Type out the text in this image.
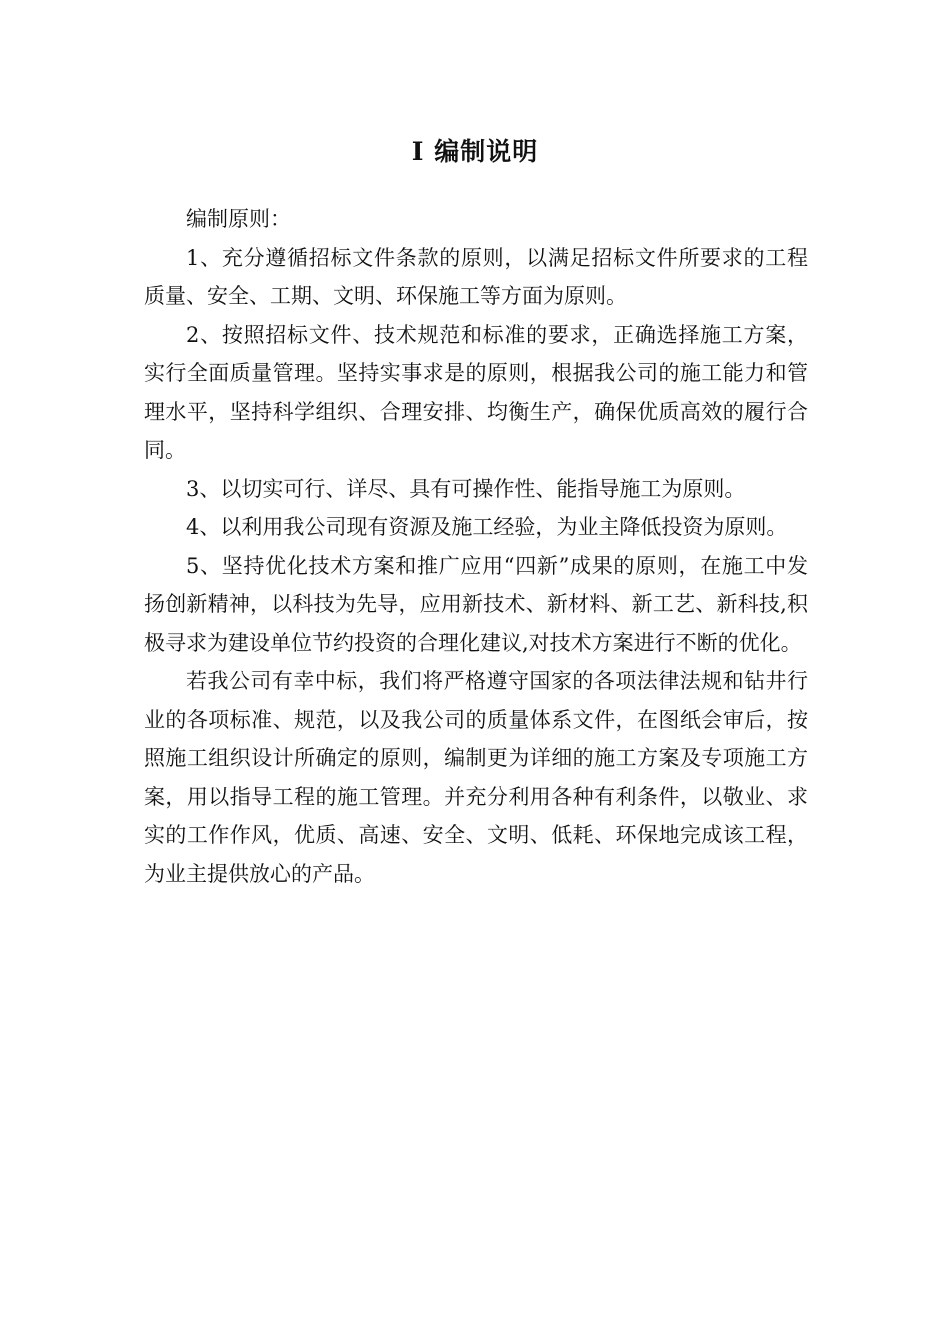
I 编制说明

编制原则：

1、充分遵循招标文件条款的原则，以满足招标文件所要求的工程质量、安全、工期、文明、环保施工等方面为原则。

2、按照招标文件、技术规范和标准的要求，正确选择施工方案，实行全面质量管理。坚持实事求是的原则，根据我公司的施工能力和管理水平，坚持科学组织、合理安排、均衡生产，确保优质高效的履行合同。

3、以切实可行、详尽、具有可操作性、能指导施工为原则。

4、以利用我公司现有资源及施工经验，为业主降低投资为原则。

5、坚持优化技术方案和推广应用“四新”成果的原则，在施工中发扬创新精神，以科技为先导，应用新技术、新材料、新工艺、新科技,积极寻求为建设单位节约投资的合理化建议,对技术方案进行不断的优化。

若我公司有幸中标，我们将严格遵守国家的各项法律法规和钻井行业的各项标准、规范，以及我公司的质量体系文件，在图纸会审后，按照施工组织设计所确定的原则，编制更为详细的施工方案及专项施工方案，用以指导工程的施工管理。并充分利用各种有利条件，以敬业、求实的工作作风，优质、高速、安全、文明、低耗、环保地完成该工程，为业主提供放心的产品。
